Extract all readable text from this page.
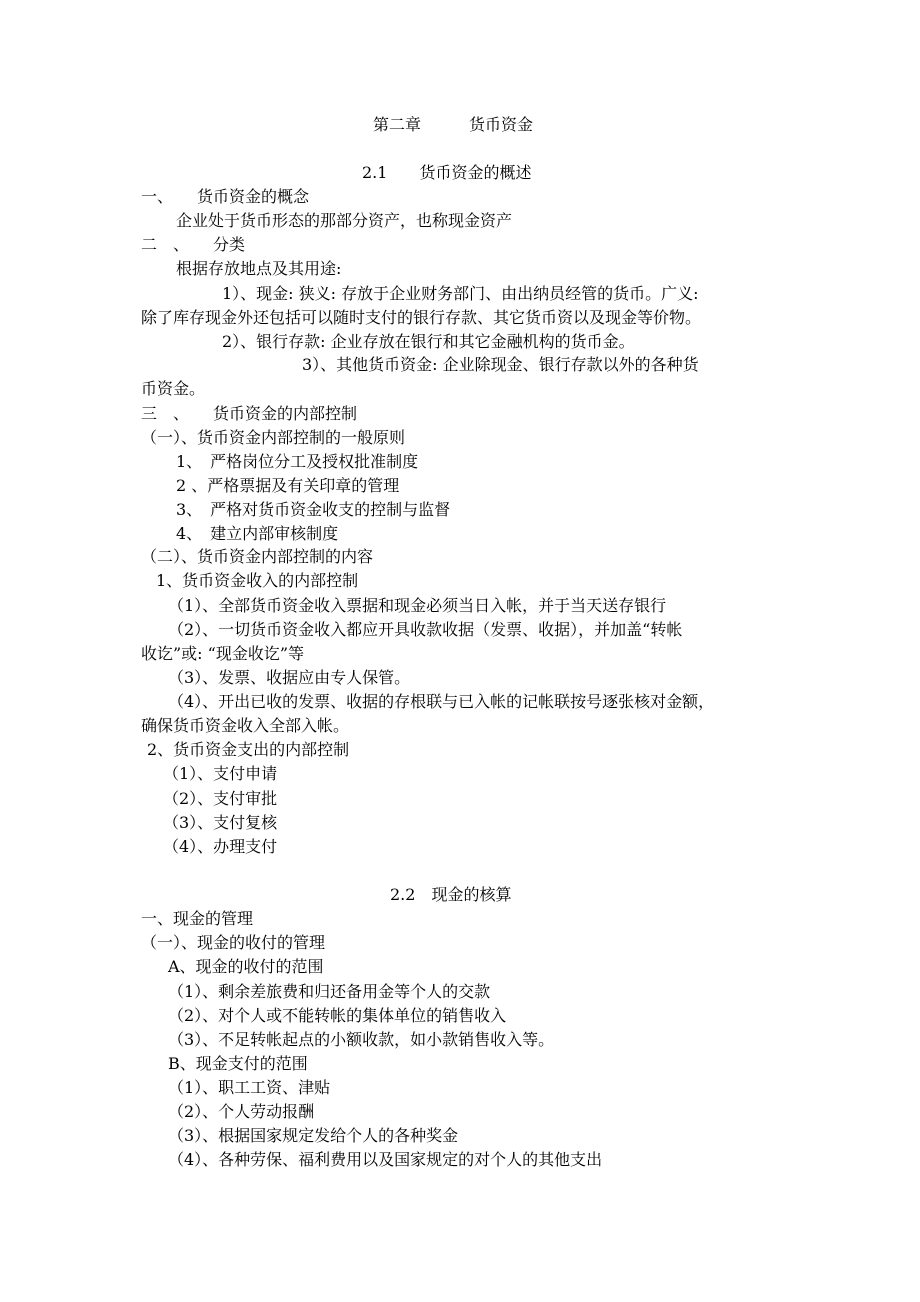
第二章　　　货币资金
2.1　　货币资金的概述

一、　　货币资金的概念

企业处于货币形态的那部分资产，也称现金资产

二　、　　分类

根据存放地点及其用途:

1）、现金: 狭义: 存放于企业财务部门、由出纳员经管的货币。广义:

除了库存现金外还包括可以随时支付的银行存款、其它货币资以及现金等价物。

2）、银行存款: 企业存放在银行和其它金融机构的货币金。

3）、其他货币资金: 企业除现金、银行存款以外的各种货

币资金。

三　、　　货币资金的内部控制

（一）、货币资金内部控制的一般原则

1、　严格岗位分工及授权批准制度

2 、严格票据及有关印章的管理

3、　严格对货币资金收支的控制与监督

4、　建立内部审核制度

（二）、货币资金内部控制的内容

1、货币资金收入的内部控制

（1）、全部货币资金收入票据和现金必须当日入帐，并于当天送存银行

（2）、一切货币资金收入都应开具收款收据（发票、收据），并加盖“转帐

收讫”或: “现金收讫”等

（3）、发票、收据应由专人保管。

（4）、开出已收的发票、收据的存根联与已入帐的记帐联按号逐张核对金额，

确保货币资金收入全部入帐。

2、货币资金支出的内部控制

（1）、支付申请

（2）、支付审批

（3）、支付复核

（4）、办理支付

2.2　现金的核算

一、现金的管理

（一）、现金的收付的管理

A、现金的收付的范围

（1）、剩余差旅费和归还备用金等个人的交款

（2）、对个人或不能转帐的集体单位的销售收入

（3）、不足转帐起点的小额收款，如小款销售收入等。

B、现金支付的范围

（1）、职工工资、津贴

（2）、个人劳动报酬

（3）、根据国家规定发给个人的各种奖金

（4）、各种劳保、福利费用以及国家规定的对个人的其他支出
